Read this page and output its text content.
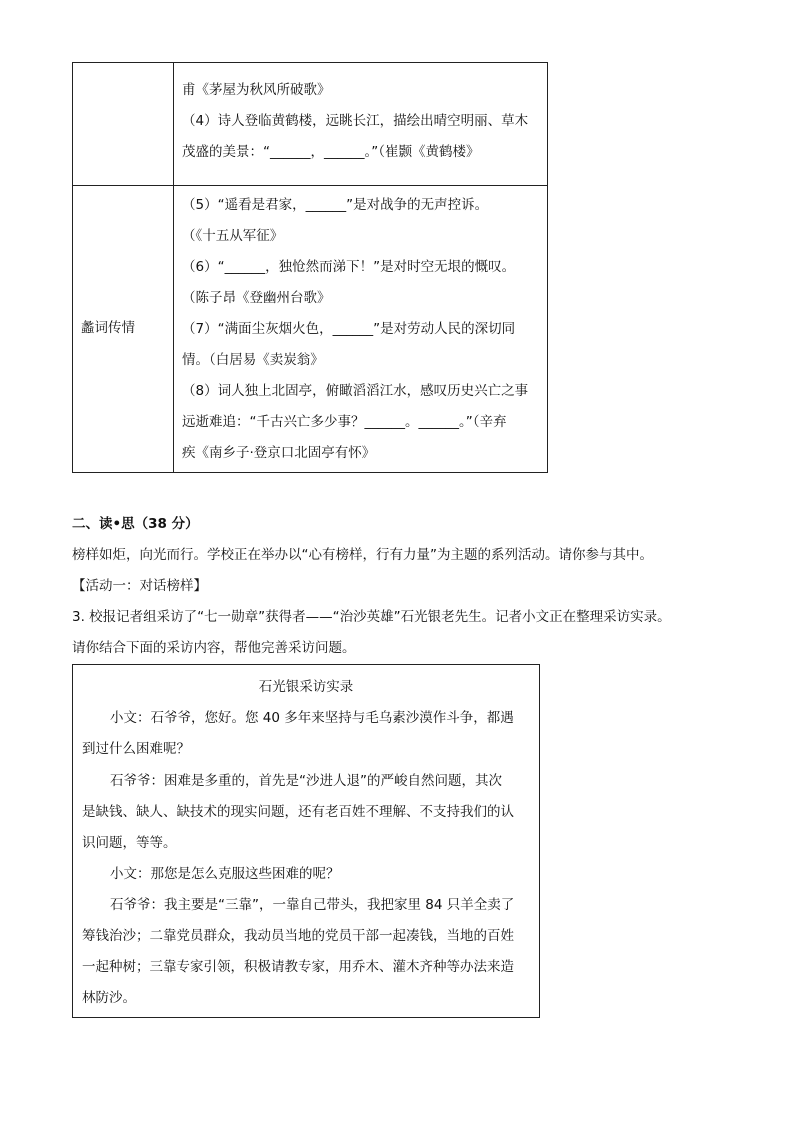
甫《茅屋为秋风所破歌》

（4）诗人登临黄鹤楼，远眺长江，描绘出晴空明丽、草木

茂盛的美景：“______，______。”（崔颢《黄鹤楼》

蠡词传情

（5）“遥看是君家，______”是对战争的无声控诉。

（《十五从军征》

（6）“______，独怆然而涕下！”是对时空无垠的慨叹。

（陈子昂《登幽州台歌》

（7）“满面尘灰烟火色，______”是对劳动人民的深切同

情。（白居易《卖炭翁》

（8）词人独上北固亭，俯瞰滔滔江水，感叹历史兴亡之事

远逝难追：“千古兴亡多少事？______。______。”（辛弃

疾《南乡子·登京口北固亭有怀》

二、读•思（38 分）
榜样如炬，向光而行。学校正在举办以“心有榜样，行有力量”为主题的系列活动。请你参与其中。
【活动一：对话榜样】
3. 校报记者组采访了“七一勋章”获得者——“治沙英雄”石光银老先生。记者小文正在整理采访实录。
请你结合下面的采访内容，帮他完善采访问题。
石光银采访实录
小文：石爷爷，您好。您 40 多年来坚持与毛乌素沙漠作斗争，都遇
到过什么困难呢？
石爷爷：困难是多重的，首先是“沙进人退”的严峻自然问题，其次
是缺钱、缺人、缺技术的现实问题，还有老百姓不理解、不支持我们的认
识问题，等等。
小文：那您是怎么克服这些困难的呢？
石爷爷：我主要是“三靠”，一靠自己带头，我把家里 84 只羊全卖了
筹钱治沙；二靠党员群众，我动员当地的党员干部一起凑钱，当地的百姓
一起种树；三靠专家引领，积极请教专家，用乔木、灌木齐种等办法来造
林防沙。
